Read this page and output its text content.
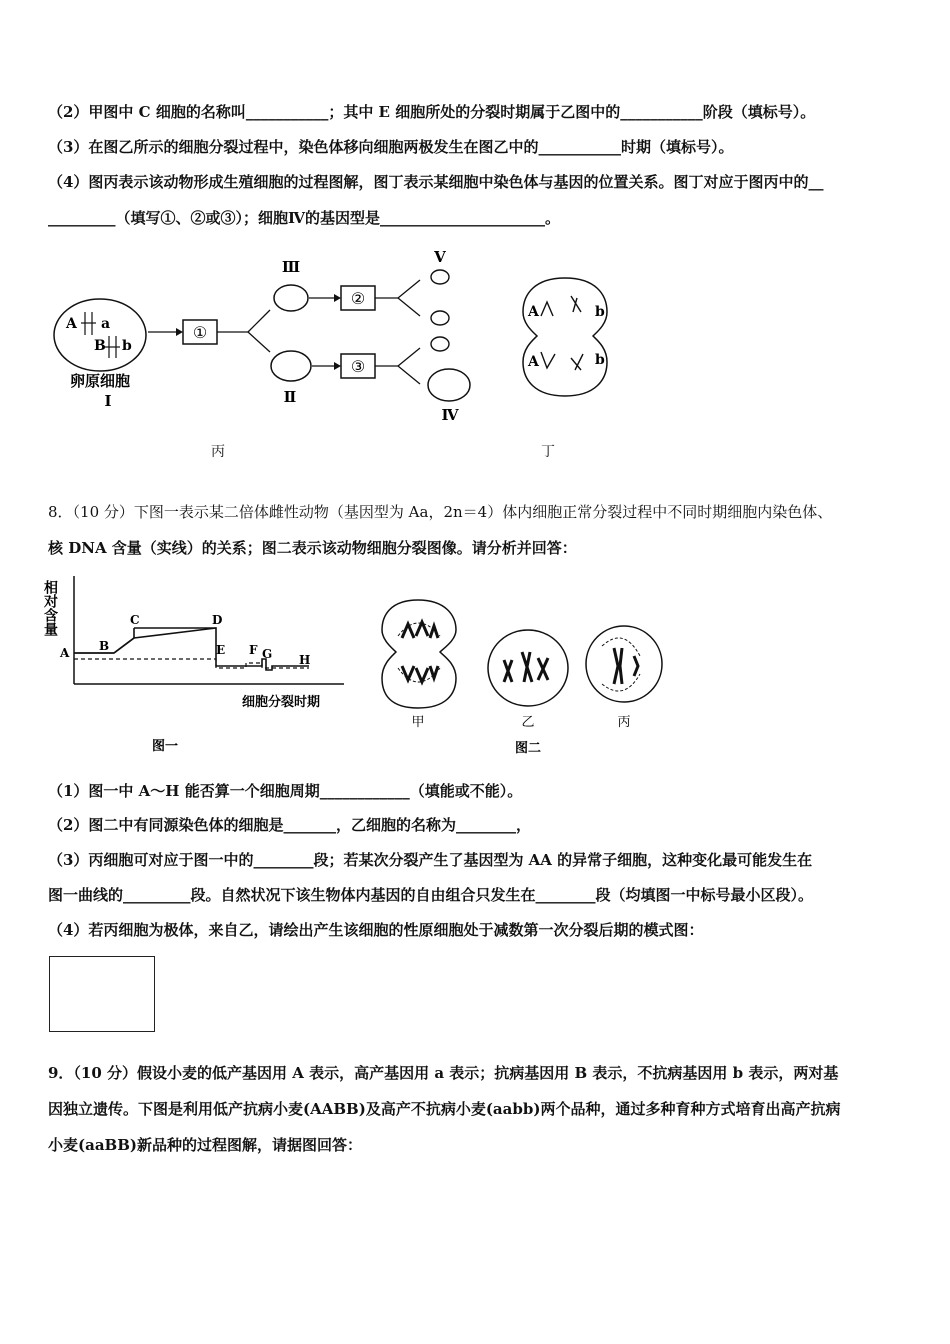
（2）甲图中 C 细胞的名称叫___________；其中 E 细胞所处的分裂时期属于乙图中的___________阶段（填标号）。
（3）在图乙所示的细胞分裂过程中，染色体移向细胞两极发生在图乙中的___________时期（填标号）。
（4）图丙表示该动物形成生殖细胞的过程图解，图丁表示某细胞中染色体与基因的位置关系。图丁对应于图丙中的__
_________（填写①、②或③）；细胞Ⅳ的基因型是______________________。
A a
B b
卵原细胞
Ⅰ
①
Ⅲ
Ⅱ
②
③
Ⅴ
Ⅳ
丙
A	b
A	b
丁
8．（10 分）下图一表示某二倍体雌性动物（基因型为 Aa，2n＝4）体内细胞正常分裂过程中不同时期细胞内染色体、
核 DNA 含量（实线）的关系；图二表示该动物细胞分裂图像。请分析并回答：
相对含量
A B
C	D
E F G H
细胞分裂时期
图一
甲	乙	丙
图二
（1）图一中 A～H 能否算一个细胞周期____________（填能或不能）。
（2）图二中有同源染色体的细胞是_______，乙细胞的名称为________，
（3）丙细胞可对应于图一中的________段；若某次分裂产生了基因型为 AA 的异常子细胞，这种变化最可能发生在
图一曲线的_________段。自然状况下该生物体内基因的自由组合只发生在________段（均填图一中标号最小区段）。
（4）若丙细胞为极体，来自乙，请绘出产生该细胞的性原细胞处于减数第一次分裂后期的模式图：
9．（10 分）假设小麦的低产基因用 A 表示，高产基因用 a 表示；抗病基因用 B 表示，不抗病基因用 b 表示，两对基
因独立遗传。下图是利用低产抗病小麦(AABB)及高产不抗病小麦(aabb)两个品种，通过多种育种方式培育出高产抗病
小麦(aaBB)新品种的过程图解，请据图回答：
